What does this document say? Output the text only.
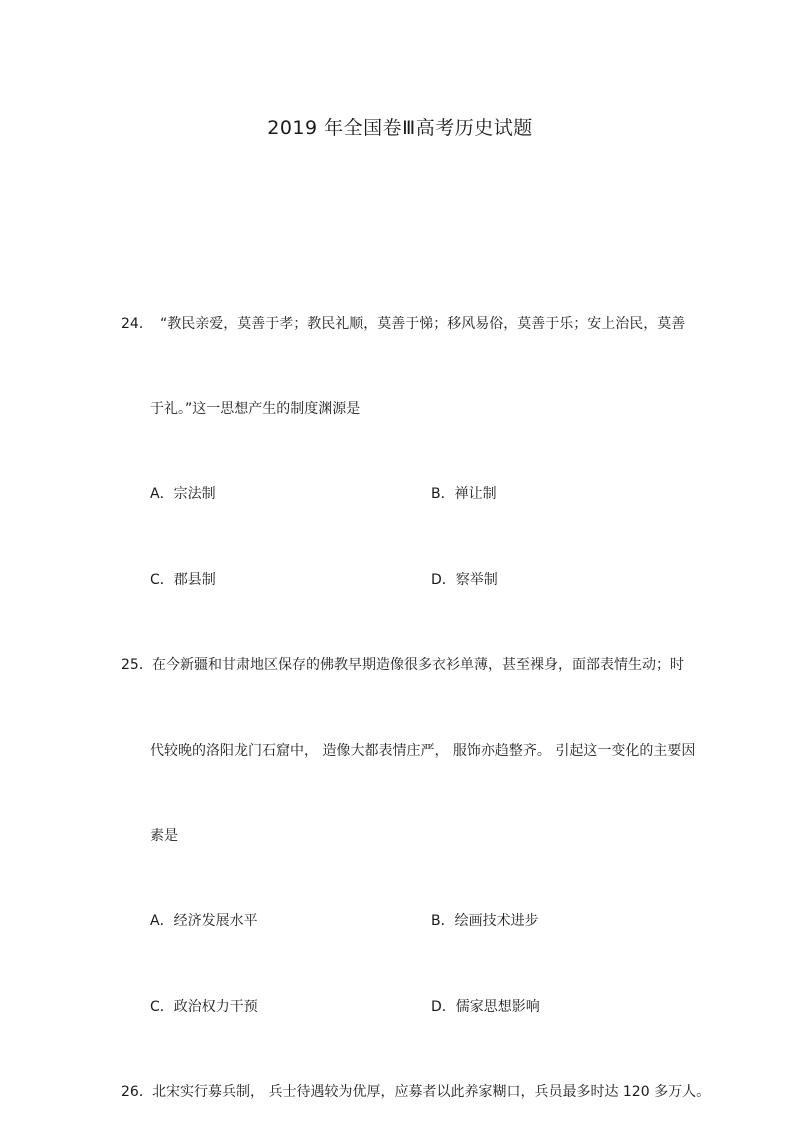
2019 年全国卷Ⅲ高考历史试题
24． “教民亲爱，莫善于孝；教民礼顺，莫善于悌；移风易俗，莫善于乐；安上治民，莫善
于礼。”这一思想产生的制度渊源是
A．宗法制	B．禅让制
C．郡县制	D．察举制
25． 在今新疆和甘肃地区保存的佛教早期造像很多衣衫单薄，甚至裸身，面部表情生动；时
代较晚的洛阳龙门石窟中， 造像大都表情庄严， 服饰亦趋整齐。 引起这一变化的主要因
素是
A．经济发展水平	B．绘画技术进步
C．政治权力干预	D．儒家思想影响
26． 北宋实行募兵制， 兵士待遇较为优厚，应募者以此养家糊口，兵员最多时达 120 多万人。
